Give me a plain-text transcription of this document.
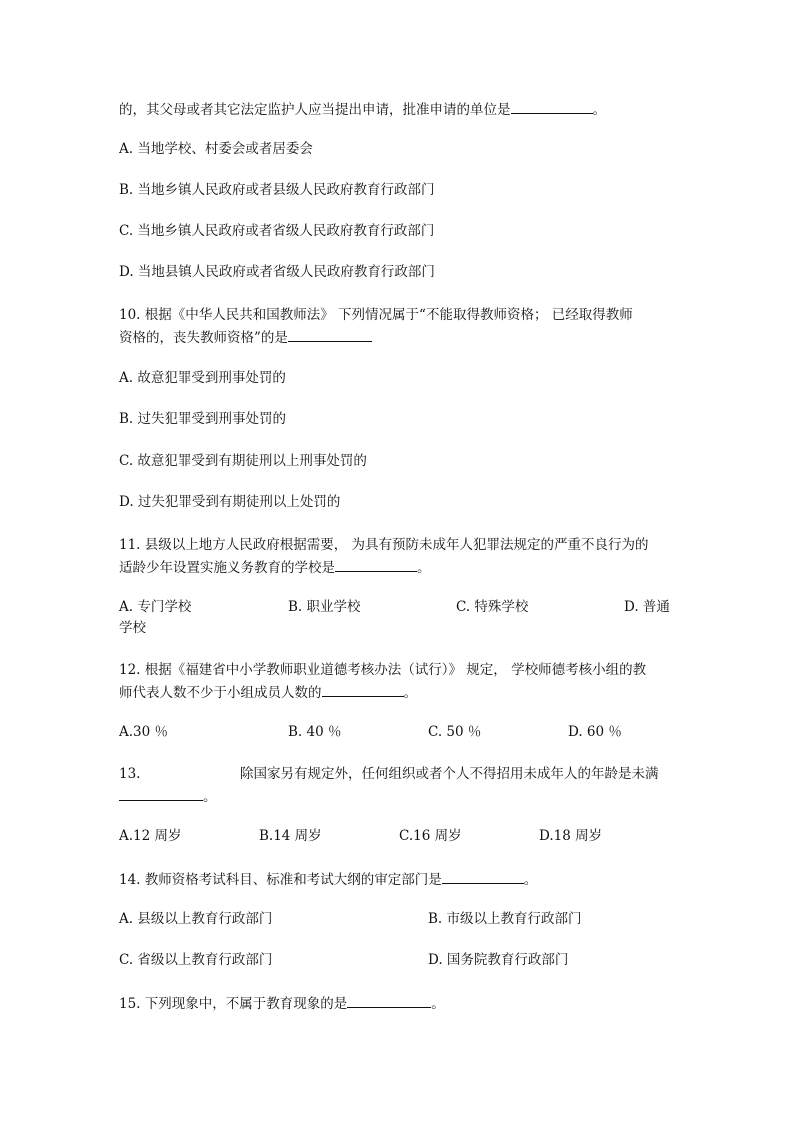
的，其父母或者其它法定监护人应当提出申请，批准申请的单位是	。
A. 当地学校、村委会或者居委会
B. 当地乡镇人民政府或者县级人民政府教育行政部门
C. 当地乡镇人民政府或者省级人民政府教育行政部门
D. 当地县镇人民政府或者省级人民政府教育行政部门
10. 根据《中华人民共和国教师法》 下列情况属于“不能取得教师资格； 已经取得教师
资格的，丧失教师资格”的是
A. 故意犯罪受到刑事处罚的
B. 过失犯罪受到刑事处罚的
C. 故意犯罪受到有期徒刑以上刑事处罚的
D. 过失犯罪受到有期徒刑以上处罚的
11. 县级以上地方人民政府根据需要， 为具有预防未成年人犯罪法规定的严重不良行为的
适龄少年设置实施义务教育的学校是	。
A. 专门学校	B. 职业学校	C. 特殊学校	D. 普通
学校
12. 根据《福建省中小学教师职业道德考核办法（试行）》 规定， 学校师德考核小组的教
师代表人数不少于小组成员人数的	。
A.30 ％	B. 40 ％	C. 50 ％	D. 60 ％
13.	除国家另有规定外，任何组织或者个人不得招用未成年人的年龄是未满
。
A.12 周岁	B.14 周岁	C.16 周岁	D.18 周岁
14. 教师资格考试科目、标准和考试大纲的审定部门是	。
A. 县级以上教育行政部门	B. 市级以上教育行政部门
C. 省级以上教育行政部门	D. 国务院教育行政部门
15. 下列现象中，不属于教育现象的是	。
